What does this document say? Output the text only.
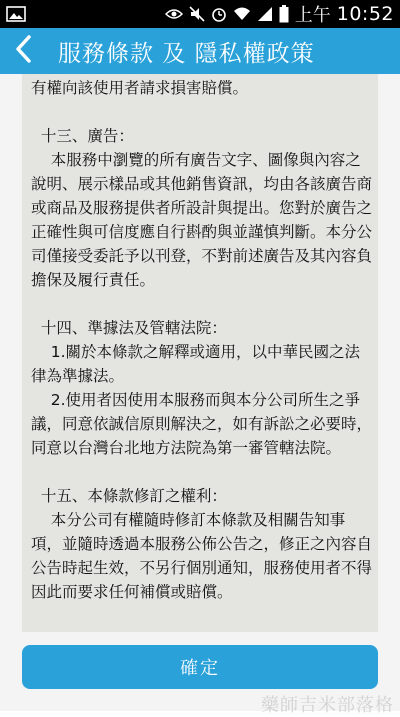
上午 10:52
服務條款 及 隱私權政策

有權向該使用者請求損害賠償。

十三、廣告：

本服務中瀏覽的所有廣告文字、圖像與內容之說明、展示樣品或其他銷售資訊，均由各該廣告商或商品及服務提供者所設計與提出。您對於廣告之正確性與可信度應自行斟酌與並謹慎判斷。本分公司僅接受委託予以刊登，不對前述廣告及其內容負擔保及履行責任。

十四、準據法及管轄法院：

1.關於本條款之解釋或適用，以中華民國之法律為準據法。

2.使用者因使用本服務而與本分公司所生之爭議，同意依誠信原則解決之，如有訴訟之必要時，同意以台灣台北地方法院為第一審管轄法院。

十五、本條款修訂之權利：

本分公司有權隨時修訂本條款及相關告知事項，並隨時透過本服務公佈公告之，修正之內容自公告時起生效，不另行個別通知，服務使用者不得因此而要求任何補償或賠償。

確定
藥師吉米部落格
